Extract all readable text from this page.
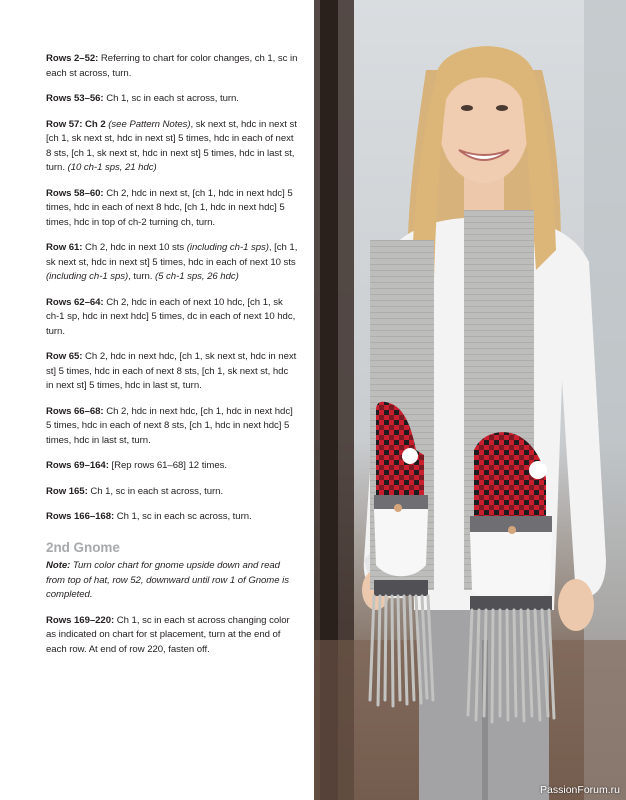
Rows 2–52: Referring to chart for color changes, ch 1, sc in each st across, turn.
Rows 53–56: Ch 1, sc in each st across, turn.
Row 57: Ch 2 (see Pattern Notes), sk next st, hdc in next st [ch 1, sk next st, hdc in next st] 5 times, hdc in each of next 8 sts, [ch 1, sk next st, hdc in next st] 5 times, hdc in last st, turn. (10 ch-1 sps, 21 hdc)
Rows 58–60: Ch 2, hdc in next st, [ch 1, hdc in next hdc] 5 times, hdc in each of next 8 hdc, [ch 1, hdc in next hdc] 5 times, hdc in top of ch-2 turning ch, turn.
Row 61: Ch 2, hdc in next 10 sts (including ch-1 sps), [ch 1, sk next st, hdc in next st] 5 times, hdc in each of next 10 sts (including ch-1 sps), turn. (5 ch-1 sps, 26 hdc)
Rows 62–64: Ch 2, hdc in each of next 10 hdc, [ch 1, sk ch-1 sp, hdc in next hdc] 5 times, dc in each of next 10 hdc, turn.
Row 65: Ch 2, hdc in next hdc, [ch 1, sk next st, hdc in next st] 5 times, hdc in each of next 8 sts, [ch 1, sk next st, hdc in next st] 5 times, hdc in last st, turn.
Rows 66–68: Ch 2, hdc in next hdc, [ch 1, hdc in next hdc] 5 times, hdc in each of next 8 sts, [ch 1, hdc in next hdc] 5 times, hdc in last st, turn.
Rows 69–164: [Rep rows 61–68] 12 times.
Row 165: Ch 1, sc in each st across, turn.
Rows 166–168: Ch 1, sc in each sc across, turn.
2nd Gnome
Note: Turn color chart for gnome upside down and read from top of hat, row 52, downward until row 1 of Gnome is completed.
Rows 169–220: Ch 1, sc in each st across changing color as indicated on chart for st placement, turn at the end of each row. At end of row 220, fasten off.
PassionForum.ru
